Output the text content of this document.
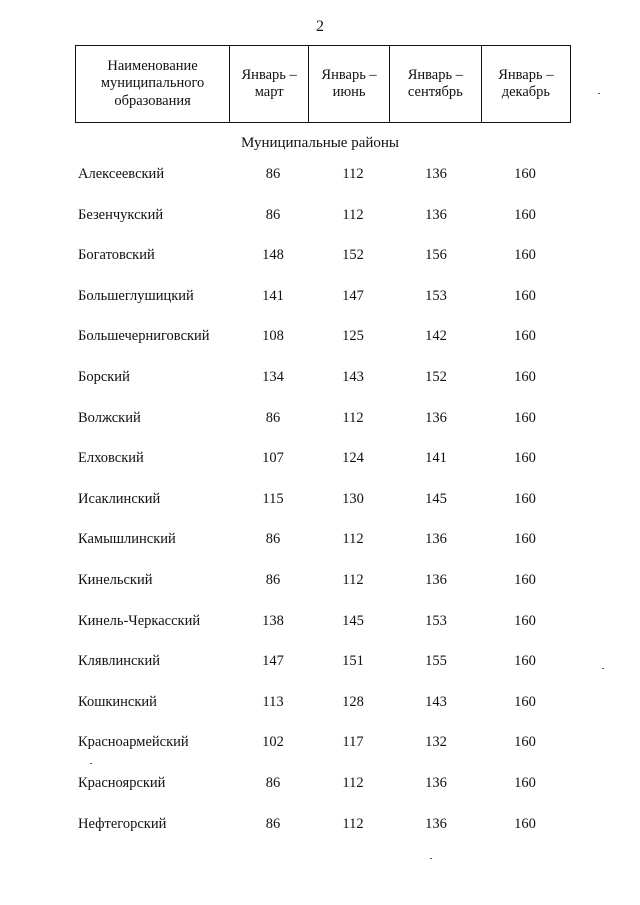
2
Наименование муниципального образования	Январь – март	Январь – июнь	Январь – сентябрь	Январь – декабрь
Муниципальные районы
Алексеевский	86	112	136	160
Безенчукский	86	112	136	160
Богатовский	148	152	156	160
Большеглушицкий	141	147	153	160
Большечерниговский	108	125	142	160
Борский	134	143	152	160
Волжский	86	112	136	160
Елховский	107	124	141	160
Исаклинский	115	130	145	160
Камышлинский	86	112	136	160
Кинельский	86	112	136	160
Кинель-Черкасский	138	145	153	160
Клявлинский	147	151	155	160
Кошкинский	113	128	143	160
Красноармейский	102	117	132	160
Красноярский	86	112	136	160
Нефтегорский	86	112	136	160
